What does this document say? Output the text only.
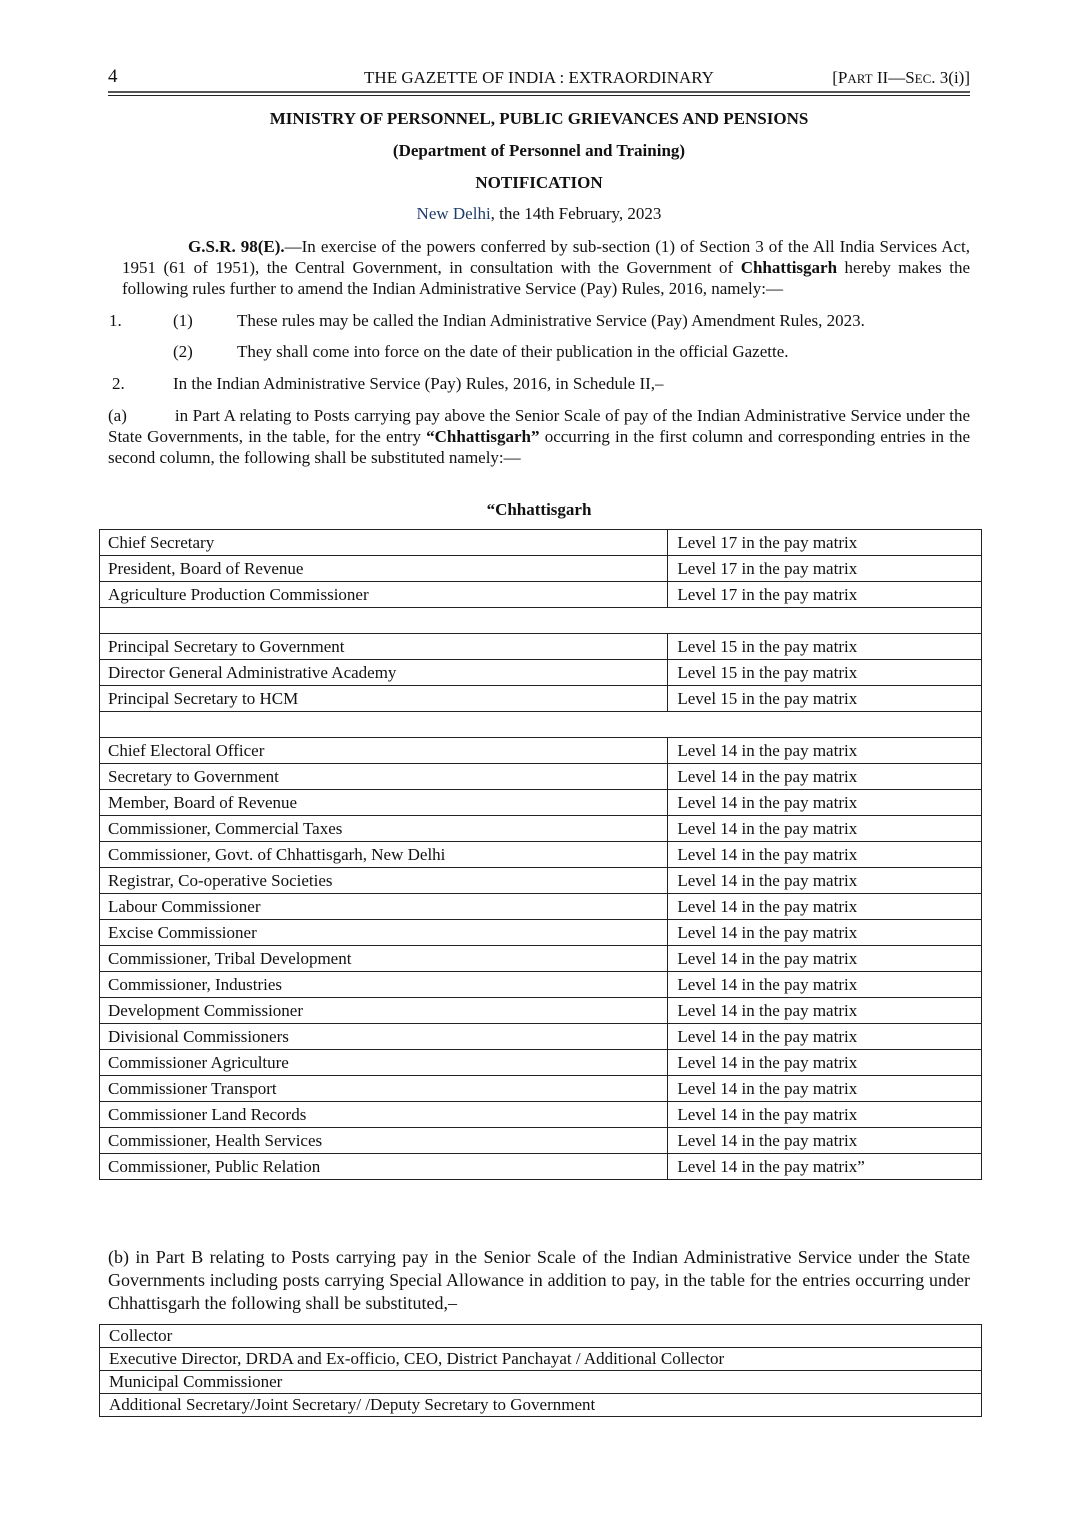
4	THE GAZETTE OF INDIA : EXTRAORDINARY	[PART II—SEC. 3(i)]
MINISTRY OF PERSONNEL, PUBLIC GRIEVANCES AND PENSIONS
(Department of Personnel and Training)
NOTIFICATION
New Delhi, the 14th February, 2023
G.S.R. 98(E).—In exercise of the powers conferred by sub-section (1) of Section 3 of the All India Services Act, 1951 (61 of 1951), the Central Government, in consultation with the Government of Chhattisgarh hereby makes the following rules further to amend the Indian Administrative Service (Pay) Rules, 2016, namely:—
1.	(1)	These rules may be called the Indian Administrative Service (Pay) Amendment Rules, 2023.
(2)	They shall come into force on the date of their publication in the official Gazette.
2.	In the Indian Administrative Service (Pay) Rules, 2016, in Schedule II,–
(a)	in Part A relating to Posts carrying pay above the Senior Scale of pay of the Indian Administrative Service under the State Governments, in the table, for the entry “Chhattisgarh” occurring in the first column and corresponding entries in the second column, the following shall be substituted namely:—
“Chhattisgarh
Chief Secretary	Level 17 in the pay matrix
President, Board of Revenue	Level 17 in the pay matrix
Agriculture Production Commissioner	Level 17 in the pay matrix

Principal Secretary to Government	Level 15 in the pay matrix
Director General Administrative Academy	Level 15 in the pay matrix
Principal Secretary to HCM	Level 15 in the pay matrix

Chief Electoral Officer	Level 14 in the pay matrix
Secretary to Government	Level 14 in the pay matrix
Member, Board of Revenue	Level 14 in the pay matrix
Commissioner, Commercial Taxes	Level 14 in the pay matrix
Commissioner, Govt. of Chhattisgarh, New Delhi	Level 14 in the pay matrix
Registrar, Co-operative Societies	Level 14 in the pay matrix
Labour Commissioner	Level 14 in the pay matrix
Excise Commissioner	Level 14 in the pay matrix
Commissioner, Tribal Development	Level 14 in the pay matrix
Commissioner, Industries	Level 14 in the pay matrix
Development Commissioner	Level 14 in the pay matrix
Divisional Commissioners	Level 14 in the pay matrix
Commissioner Agriculture	Level 14 in the pay matrix
Commissioner Transport	Level 14 in the pay matrix
Commissioner Land Records	Level 14 in the pay matrix
Commissioner, Health Services	Level 14 in the pay matrix
Commissioner, Public Relation	Level 14 in the pay matrix”
(b) in Part B relating to Posts carrying pay in the Senior Scale of the Indian Administrative Service under the State Governments including posts carrying Special Allowance in addition to pay, in the table for the entries occurring under Chhattisgarh the following shall be substituted,–
Collector
Executive Director, DRDA and Ex-officio, CEO, District Panchayat / Additional Collector
Municipal Commissioner
Additional Secretary/Joint Secretary/ /Deputy Secretary to Government
